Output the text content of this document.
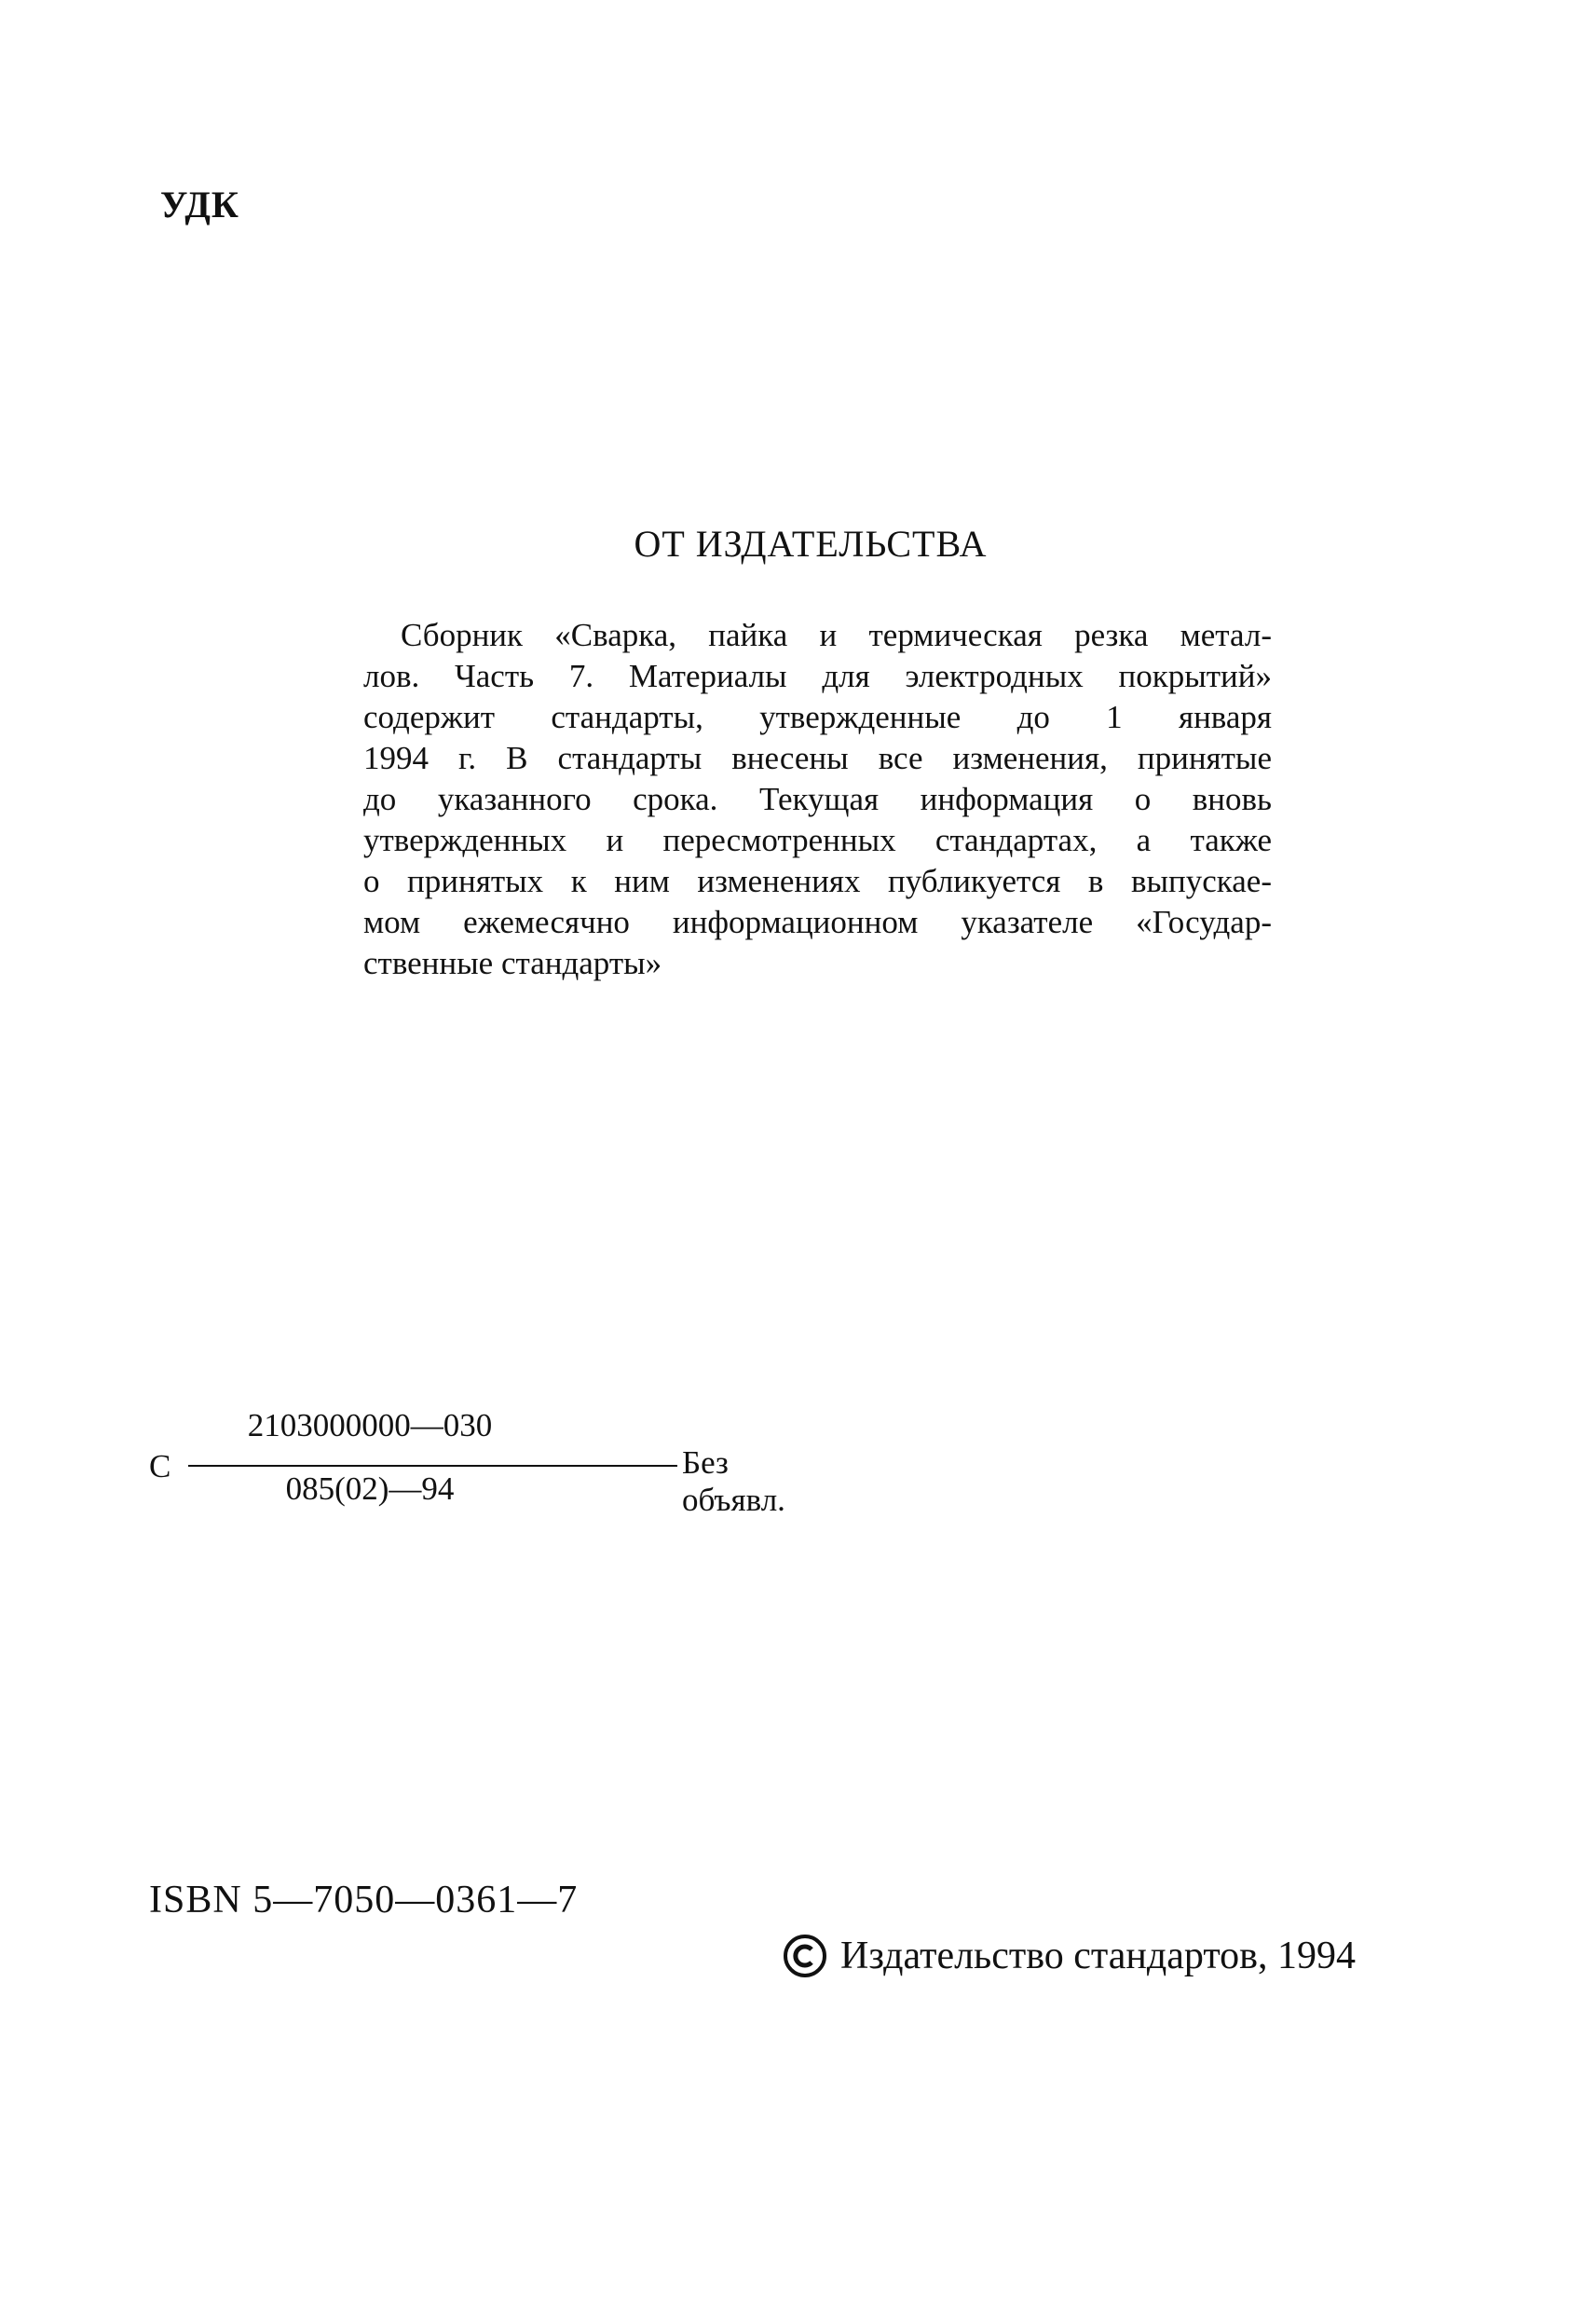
УДК
ОТ ИЗДАТЕЛЬСТВА
Сборник «Сварка, пайка и термическая резка метал-
лов. Часть 7. Материалы для электродных покрытий»
содержит стандарты, утвержденные до 1 января
1994 г. В стандарты внесены все изменения, принятые
до указанного срока. Текущая информация о вновь
утвержденных и пересмотренных стандартах, а также
о принятых к ним изменениях публикуется в выпускае-
мом ежемесячно информационном указателе «Государ-
ственные стандарты»
С
2103000000—030
085(02)—94
Без объявл.
ISBN 5—7050—0361—7
Издательство стандартов, 1994
